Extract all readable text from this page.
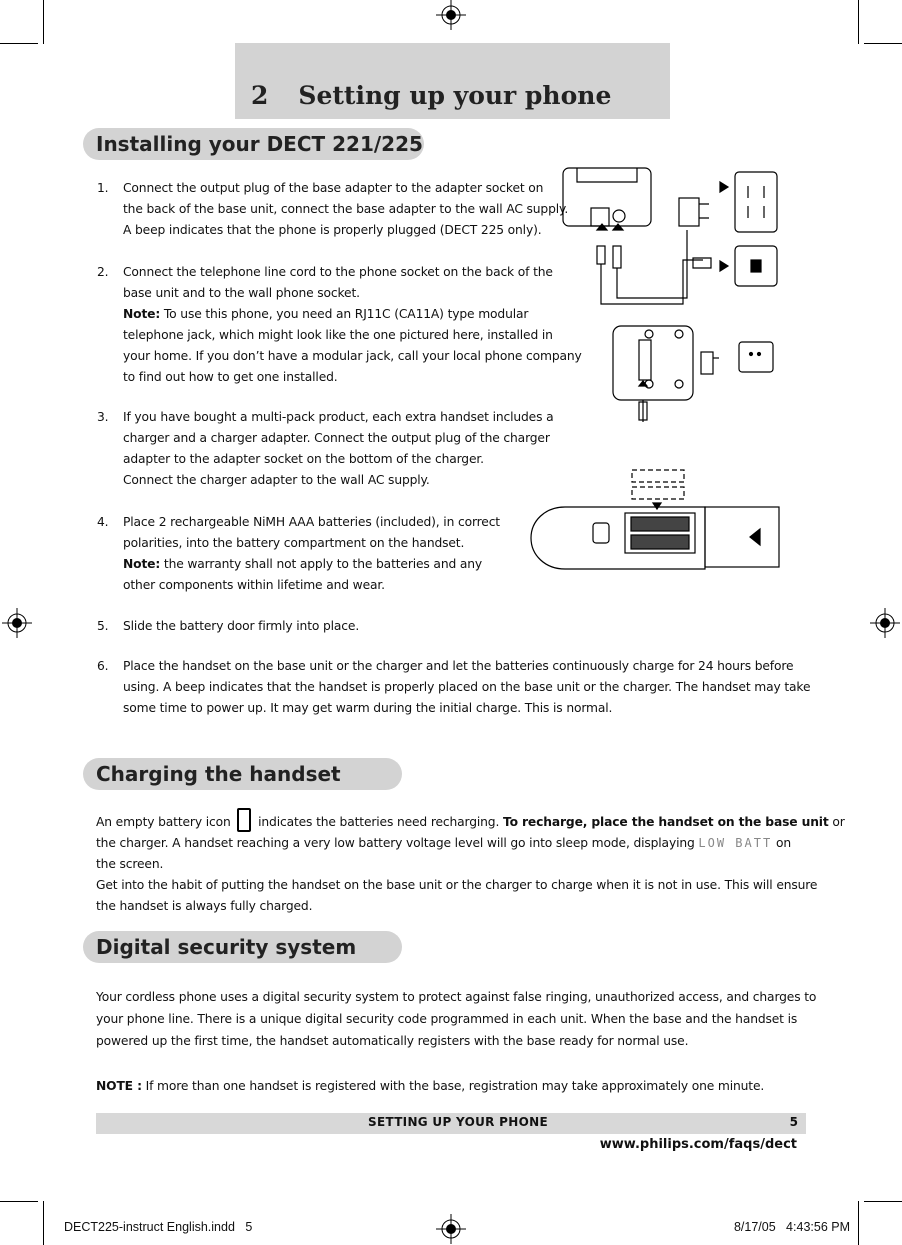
2 Setting up your phone
Installing your DECT 221/225
1. Connect the output plug of the base adapter to the adapter socket on
the back of the base unit, connect the base adapter to the wall AC supply.
A beep indicates that the phone is properly plugged (DECT 225 only).
2. Connect the telephone line cord to the phone socket on the back of the
base unit and to the wall phone socket.
Note: To use this phone, you need an RJ11C (CA11A) type modular
telephone jack, which might look like the one pictured here, installed in
your home. If you don’t have a modular jack, call your local phone company
to find out how to get one installed.
3. If you have bought a multi-pack product, each extra handset includes a
charger and a charger adapter. Connect the output plug of the charger
adapter to the adapter socket on the bottom of the charger.
Connect the charger adapter to the wall AC supply.
4. Place 2 rechargeable NiMH AAA batteries (included), in correct
polarities, into the battery compartment on the handset.
Note: the warranty shall not apply to the batteries and any
other components within lifetime and wear.
5. Slide the battery door firmly into place.
6. Place the handset on the base unit or the charger and let the batteries continuously charge for 24 hours before
using. A beep indicates that the handset is properly placed on the base unit or the charger. The handset may take
some time to power up. It may get warm during the initial charge. This is normal.
Charging the handset
An empty battery icon  indicates the batteries need recharging. To recharge, place the handset on the base unit or
the charger. A handset reaching a very low battery voltage level will go into sleep mode, displaying LOW BATT on
the screen.
Get into the habit of putting the handset on the base unit or the charger to charge when it is not in use. This will ensure
the handset is always fully charged.
Digital security system
Your cordless phone uses a digital security system to protect against false ringing, unauthorized access, and charges to
your phone line. There is a unique digital security code programmed in each unit. When the base and the handset is
powered up the first time, the handset automatically registers with the base ready for normal use.
NOTE : If more than one handset is registered with the base, registration may take approximately one minute.
SETTING UP YOUR PHONE	5
www.philips.com/faqs/dect
DECT225-instruct English.indd   5	8/17/05   4:43:56 PM
